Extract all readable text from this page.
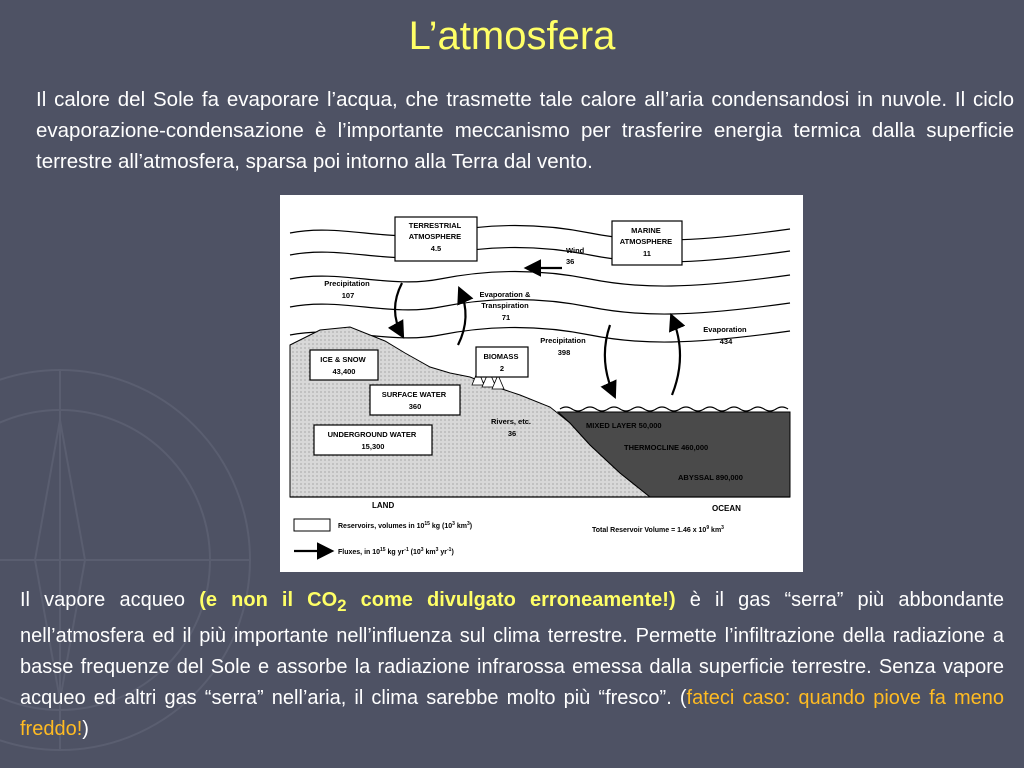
L’atmosfera

Il calore del Sole fa evaporare l’acqua, che trasmette tale calore all’aria condensandosi in nuvole. Il ciclo evaporazione-condensazione è l’importante meccanismo per trasferire energia termica dalla superficie terrestre all’atmosfera, sparsa poi intorno alla Terra dal vento.

TERRESTRIAL ATMOSPHERE 4.5
MARINE ATMOSPHERE 11
Wind 36
Precipitation 107	Evaporation & Transpiration 71
Precipitation 398
Evaporation 434
ICE & SNOW 43,400
BIOMASS 2
SURFACE WATER 360
UNDERGROUND WATER 15,300
Rivers, etc. 36
MIXED LAYER 50,000
THERMOCLINE 460,000
ABYSSAL 890,000
LAND	OCEAN
Reservoirs, volumes in $10^{15}$ kg ($10^3$ $km^3$)
Fluxes, in $10^{15}$ kg $yr^{-1}$ ($10^3$ $km^3$ $yr^{-1}$)
Total Reservoir Volume = 1.46 x $10^9$ $km^3$

Il vapore acqueo (e non il $CO_2$ come divulgato erroneamente!) è il gas “serra” più abbondante nell’atmosfera ed il più importante nell’influenza sul clima terrestre. Permette l’infiltrazione della radiazione a basse frequenze del Sole e assorbe la radiazione infrarossa emessa dalla superficie terrestre. Senza vapore acqueo ed altri gas “serra” nell’aria, il clima sarebbe molto più “fresco”. (fateci caso: quando piove fa meno freddo!)
